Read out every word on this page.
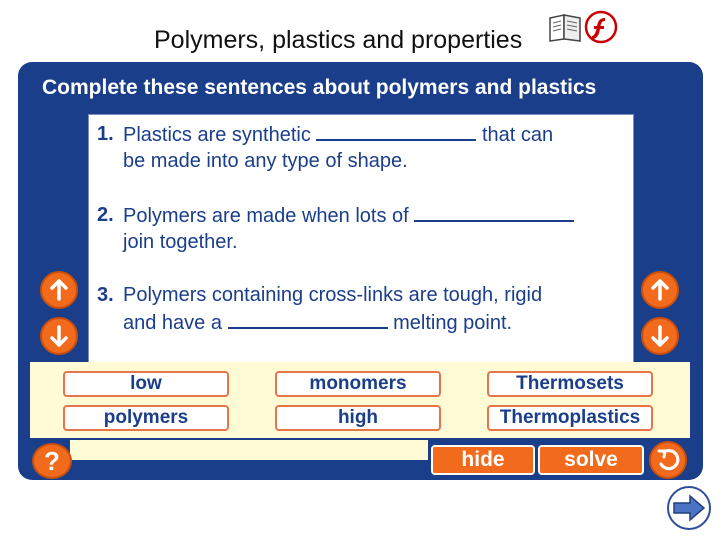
Polymers, plastics and properties
Complete these sentences about polymers and plastics
1. Plastics are synthetic	that can
be made into any type of shape.
2. Polymers are made when lots of
join together.
3. Polymers containing cross-links are tough, rigid
and have a	melting point.
low	monomers	Thermosets
polymers	high	Thermoplastics
?	hide	solve
